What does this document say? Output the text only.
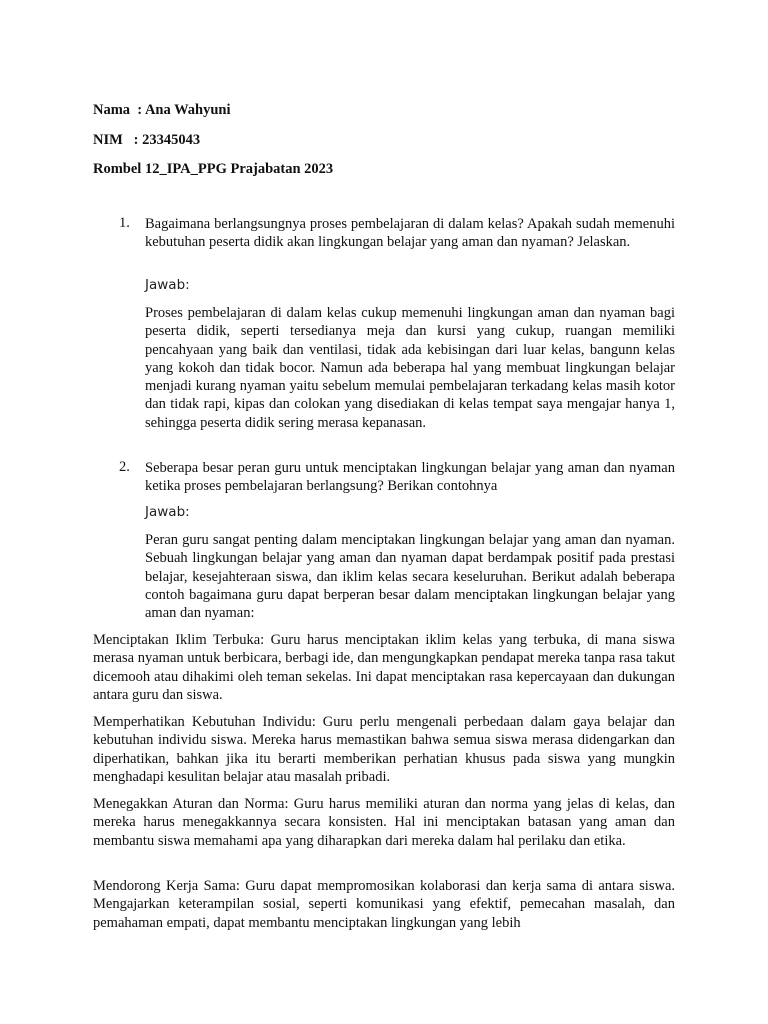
Nama  : Ana Wahyuni
NIM   : 23345043
Rombel 12_IPA_PPG Prajabatan 2023
1. Bagaimana berlangsungnya proses pembelajaran di dalam kelas? Apakah sudah memenuhi kebutuhan peserta didik akan lingkungan belajar yang aman dan nyaman? Jelaskan.
Jawab:
Proses pembelajaran di dalam kelas cukup memenuhi lingkungan aman dan nyaman bagi peserta didik, seperti tersedianya meja dan kursi yang cukup, ruangan memiliki pencahyaan yang baik dan ventilasi, tidak ada kebisingan dari luar kelas, bangunn kelas yang kokoh dan tidak bocor. Namun ada beberapa hal yang membuat lingkungan belajar menjadi kurang nyaman yaitu sebelum memulai pembelajaran terkadang kelas masih kotor dan tidak rapi, kipas dan colokan yang disediakan di kelas tempat saya mengajar hanya 1, sehingga peserta didik sering merasa kepanasan.
2. Seberapa besar peran guru untuk menciptakan lingkungan belajar yang aman dan nyaman ketika proses pembelajaran berlangsung? Berikan contohnya
Jawab:
Peran guru sangat penting dalam menciptakan lingkungan belajar yang aman dan nyaman. Sebuah lingkungan belajar yang aman dan nyaman dapat berdampak positif pada prestasi belajar, kesejahteraan siswa, dan iklim kelas secara keseluruhan. Berikut adalah beberapa contoh bagaimana guru dapat berperan besar dalam menciptakan lingkungan belajar yang aman dan nyaman:
Menciptakan Iklim Terbuka: Guru harus menciptakan iklim kelas yang terbuka, di mana siswa merasa nyaman untuk berbicara, berbagi ide, dan mengungkapkan pendapat mereka tanpa rasa takut dicemooh atau dihakimi oleh teman sekelas. Ini dapat menciptakan rasa kepercayaan dan dukungan antara guru dan siswa.
Memperhatikan Kebutuhan Individu: Guru perlu mengenali perbedaan dalam gaya belajar dan kebutuhan individu siswa. Mereka harus memastikan bahwa semua siswa merasa didengarkan dan diperhatikan, bahkan jika itu berarti memberikan perhatian khusus pada siswa yang mungkin menghadapi kesulitan belajar atau masalah pribadi.
Menegakkan Aturan dan Norma: Guru harus memiliki aturan dan norma yang jelas di kelas, dan mereka harus menegakkannya secara konsisten. Hal ini menciptakan batasan yang aman dan membantu siswa memahami apa yang diharapkan dari mereka dalam hal perilaku dan etika.
Mendorong Kerja Sama: Guru dapat mempromosikan kolaborasi dan kerja sama di antara siswa. Mengajarkan keterampilan sosial, seperti komunikasi yang efektif, pemecahan masalah, dan pemahaman empati, dapat membantu menciptakan lingkungan yang lebih
